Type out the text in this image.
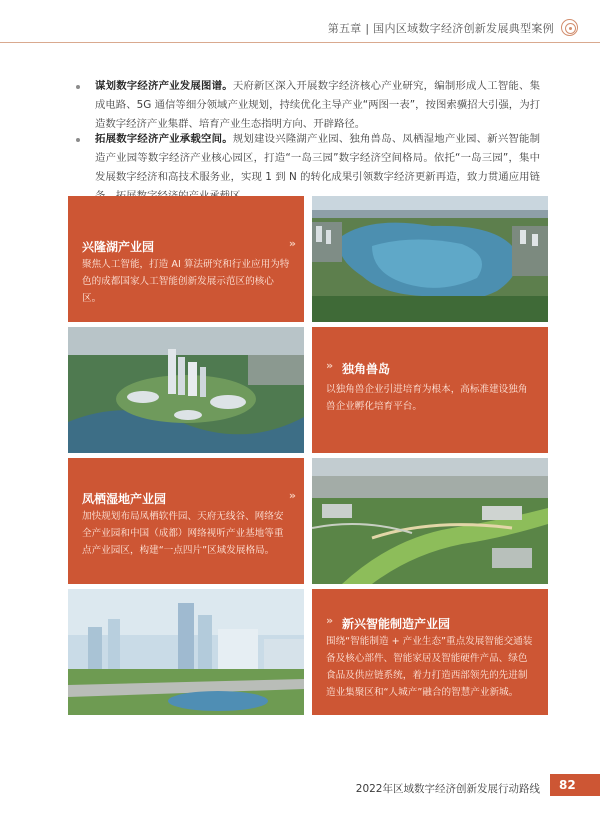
第五章 | 国内区域数字经济创新发展典型案例
谋划数字经济产业发展图谱。天府新区深入开展数字经济核心产业研究，编制形成人工智能、集成电路、5G 通信等细分领域产业规划，持续优化主导产业“两图一表”，按图索骥招大引强，为打造数字经济产业集群、培育产业生态指明方向、开辟路径。
拓展数字经济产业承载空间。规划建设兴隆湖产业园、独角兽岛、凤栖湿地产业园、新兴智能制造产业园等数字经济产业核心园区，打造“一岛三园”数字经济空间格局。依托“一岛三园”，集中发展数字经济和高技术服务业，实现 1 到 N 的转化成果引领数字经济更新再造，致力贯通应用链
兴隆湖产业园	»
聚焦人工智能，打造 AI 算法研究和行业应用为特色的成都国家人工智能创新发展示范区的核心区。
» 独角兽岛
以独角兽企业引进培育为根本，高标准建设独角兽企业孵化培育平台。
凤栖湿地产业园	»
加快规划布局凤栖软件园、天府无线谷、网络安全产业园和中国（成都）网络视听产业基地等重点产业园区，构建“一点四片”区域发展格局。
» 新兴智能制造产业园
围绕“智能制造 + 产业生态”重点发展智能交通装备及核心部件、智能家居及智能硬件产品、绿色食品及供应链系统，着力打造西部领先的先进制造业集聚区和“人城产”融合的智慧产业新城。
2022年区域数字经济创新发展行动路线	82
